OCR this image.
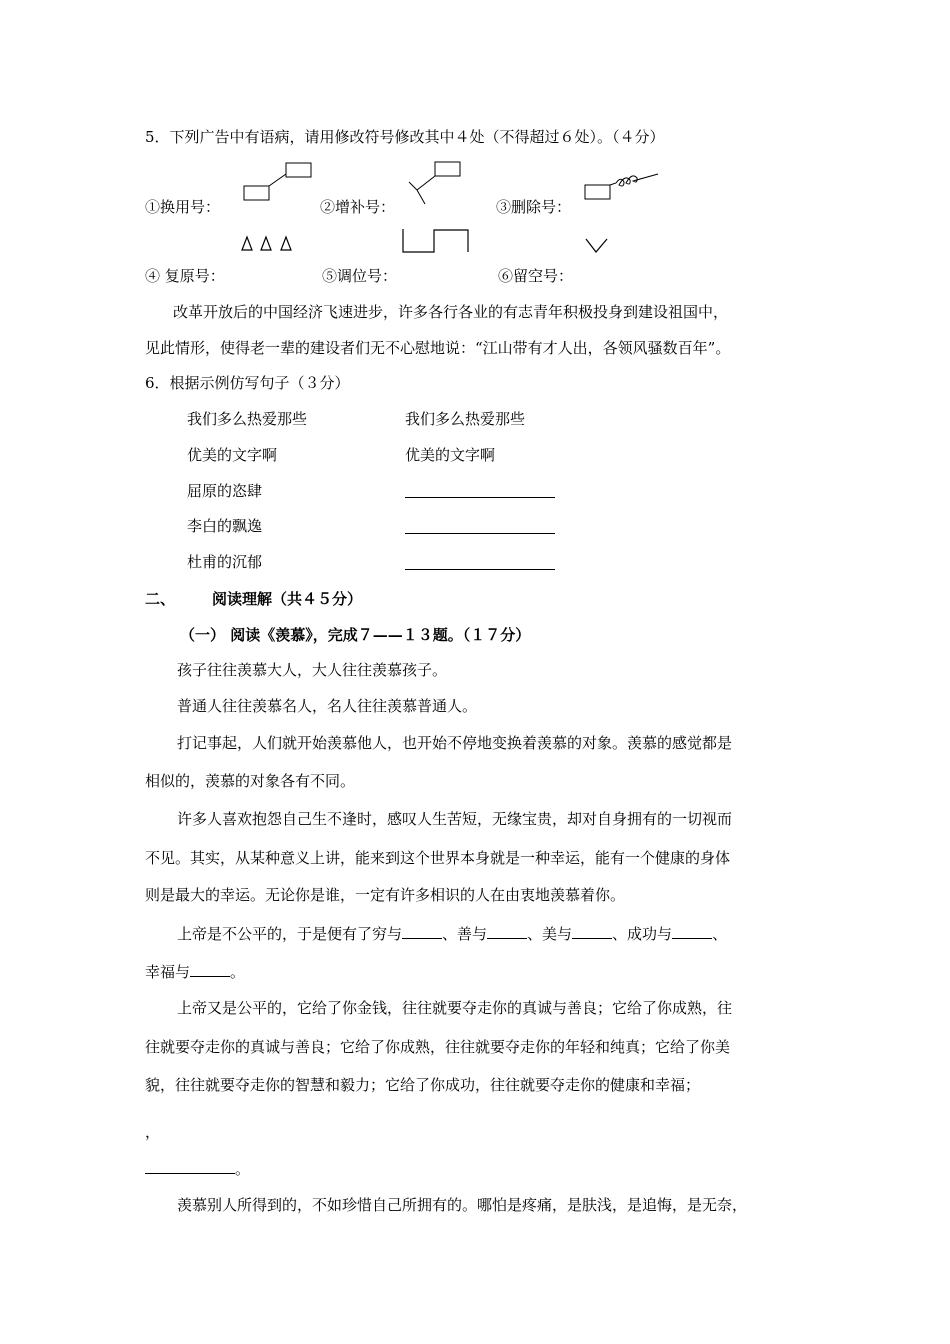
5．下列广告中有语病，请用修改符号修改其中４处（不得超过６处）。（４分）
①换用号：	②增补号：	③删除号：
④ 复原号：	⑤调位号：	⑥留空号：
改革开放后的中国经济飞速进步，许多各行各业的有志青年积极投身到建设祖国中，
见此情形，使得老一辈的建设者们无不心慰地说：“江山带有才人出，各领风骚数百年”。
6．根据示例仿写句子（３分）
我们多么热爱那些	我们多么热爱那些
优美的文字啊	优美的文字啊
屈原的恣肆
李白的飘逸
杜甫的沉郁
二、 阅读理解（共４５分）
（一） 阅读《羡慕》，完成７——１３题。（１７分）
孩子往往羡慕大人，大人往往羡慕孩子。
普通人往往羡慕名人，名人往往羡慕普通人。
打记事起，人们就开始羡慕他人，也开始不停地变换着羡慕的对象。羡慕的感觉都是
相似的，羡慕的对象各有不同。
许多人喜欢抱怨自己生不逢时，感叹人生苦短，无缘宝贵，却对自身拥有的一切视而
不见。其实，从某种意义上讲，能来到这个世界本身就是一种幸运，能有一个健康的身体
则是最大的幸运。无论你是谁，一定有许多相识的人在由衷地羡慕着你。
上帝是不公平的，于是便有了穷与	、善与	、美与	、成功与	、
幸福与	。
上帝又是公平的，它给了你金钱，往往就要夺走你的真诚与善良；它给了你成熟，往
往就要夺走你的真诚与善良；它给了你成熟，往往就要夺走你的年轻和纯真；它给了你美
貌，往往就要夺走你的智慧和毅力；它给了你成功，往往就要夺走你的健康和幸福；
，
。
羡慕别人所得到的，不如珍惜自己所拥有的。哪怕是疼痛，是肤浅，是追悔，是无奈，
